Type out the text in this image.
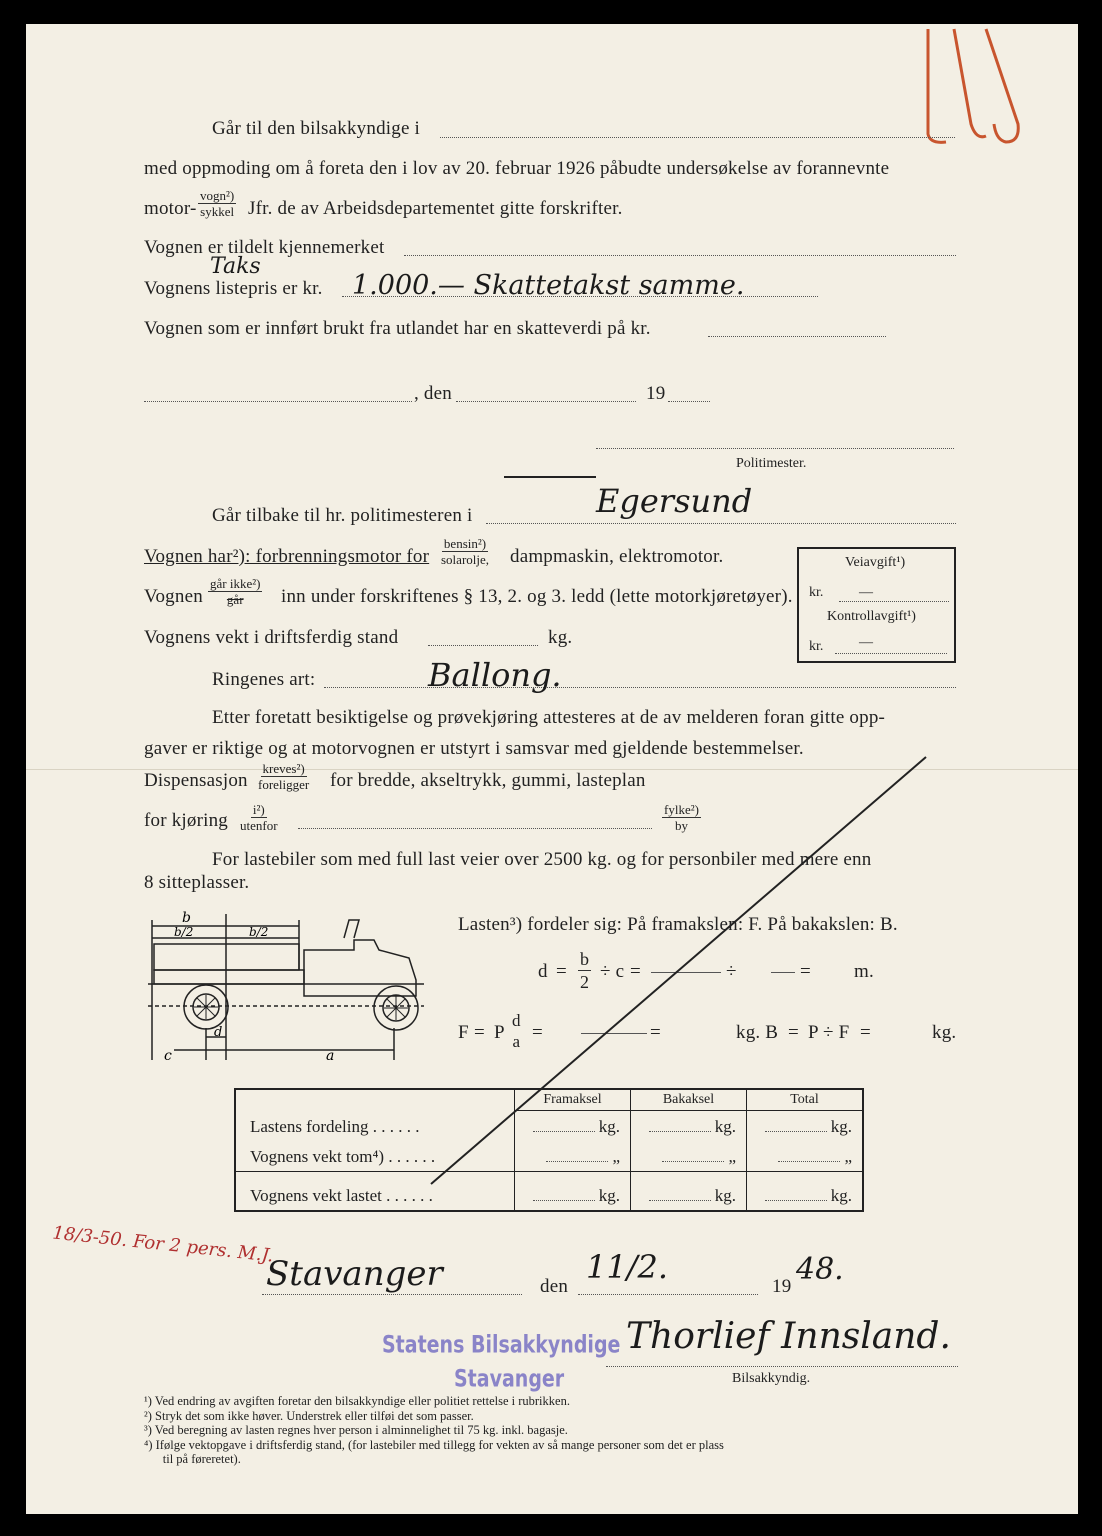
Går til den bilsakkyndige i
med oppmoding om å foreta den i lov av 20. februar 1926 påbudte undersøkelse av forannevnte
motor-
vogn²)
sykkel Jfr. de av Arbeidsdepartementet gitte forskrifter.
Vognen er tildelt kjennemerket
Taks
Vognens listepris er kr. 1.000.— Skattetakst samme.
Vognen som er innført brukt fra utlandet har en skatteverdi på kr.
, den	19
Politimester.
Går tilbake til hr. politimesteren i	Egersund
Vognen har²): forbrenningsmotor for
bensin²)
solarolje, dampmaskin, elektromotor.
Vognen
går ikke²)
går inn under forskriftenes § 13, 2. og 3. ledd (lette motorkjøretøyer).
Vognens vekt i driftsferdig stand	kg.
Ringenes art:	Ballong.
Veiavgift¹)
kr.	—
Kontrollavgift¹)
kr.	—
Etter foretatt besiktigelse og prøvekjøring attesteres at de av melderen foran gitte opp-
gaver er riktige og at motorvognen er utstyrt i samsvar med gjeldende bestemmelser.
Dispensasjon
kreves²)
foreligger for bredde, akseltrykk, gummi, lasteplan
for kjøring
i²)
utenfor
fylke²)
by
For lastebiler som med full last veier over 2500 kg. og for personbiler med mere enn
8 sitteplasser.
b
b/2	b/2
c
d
a
Lasten³) fordeler sig: På framakslen: F. På bakakslen: B.
$d = \frac{b}{2} \div c$ =	÷	= m.
F = P
d
a =	=	kg. B = P ÷ F =	kg.
	Framaksel	Bakaksel	Total
Lastens fordeling . . . . . .	kg.	kg.	kg.
Vognens vekt tom⁴) . . . . . .	„	„	„
Vognens vekt lastet . . . . . .	kg.	kg.	kg.
18/3-50. For 2 pers. M.J.
Stavanger	den
11/2.
19 48.
Statens Bilsakkyndige
Stavanger
Thorlief Innsland.
Bilsakkyndig.
¹) Ved endring av avgiften foretar den bilsakkyndige eller politiet rettelse i rubrikken.
²) Stryk det som ikke høver. Understrek eller tilføi det som passer.
³) Ved beregning av lasten regnes hver person i alminnelighet til 75 kg. inkl. bagasje.
⁴) Ifølge vektopgave i driftsferdig stand, (for lastebiler med tillegg for vekten av så mange personer som det er plass
til på føreretet).
